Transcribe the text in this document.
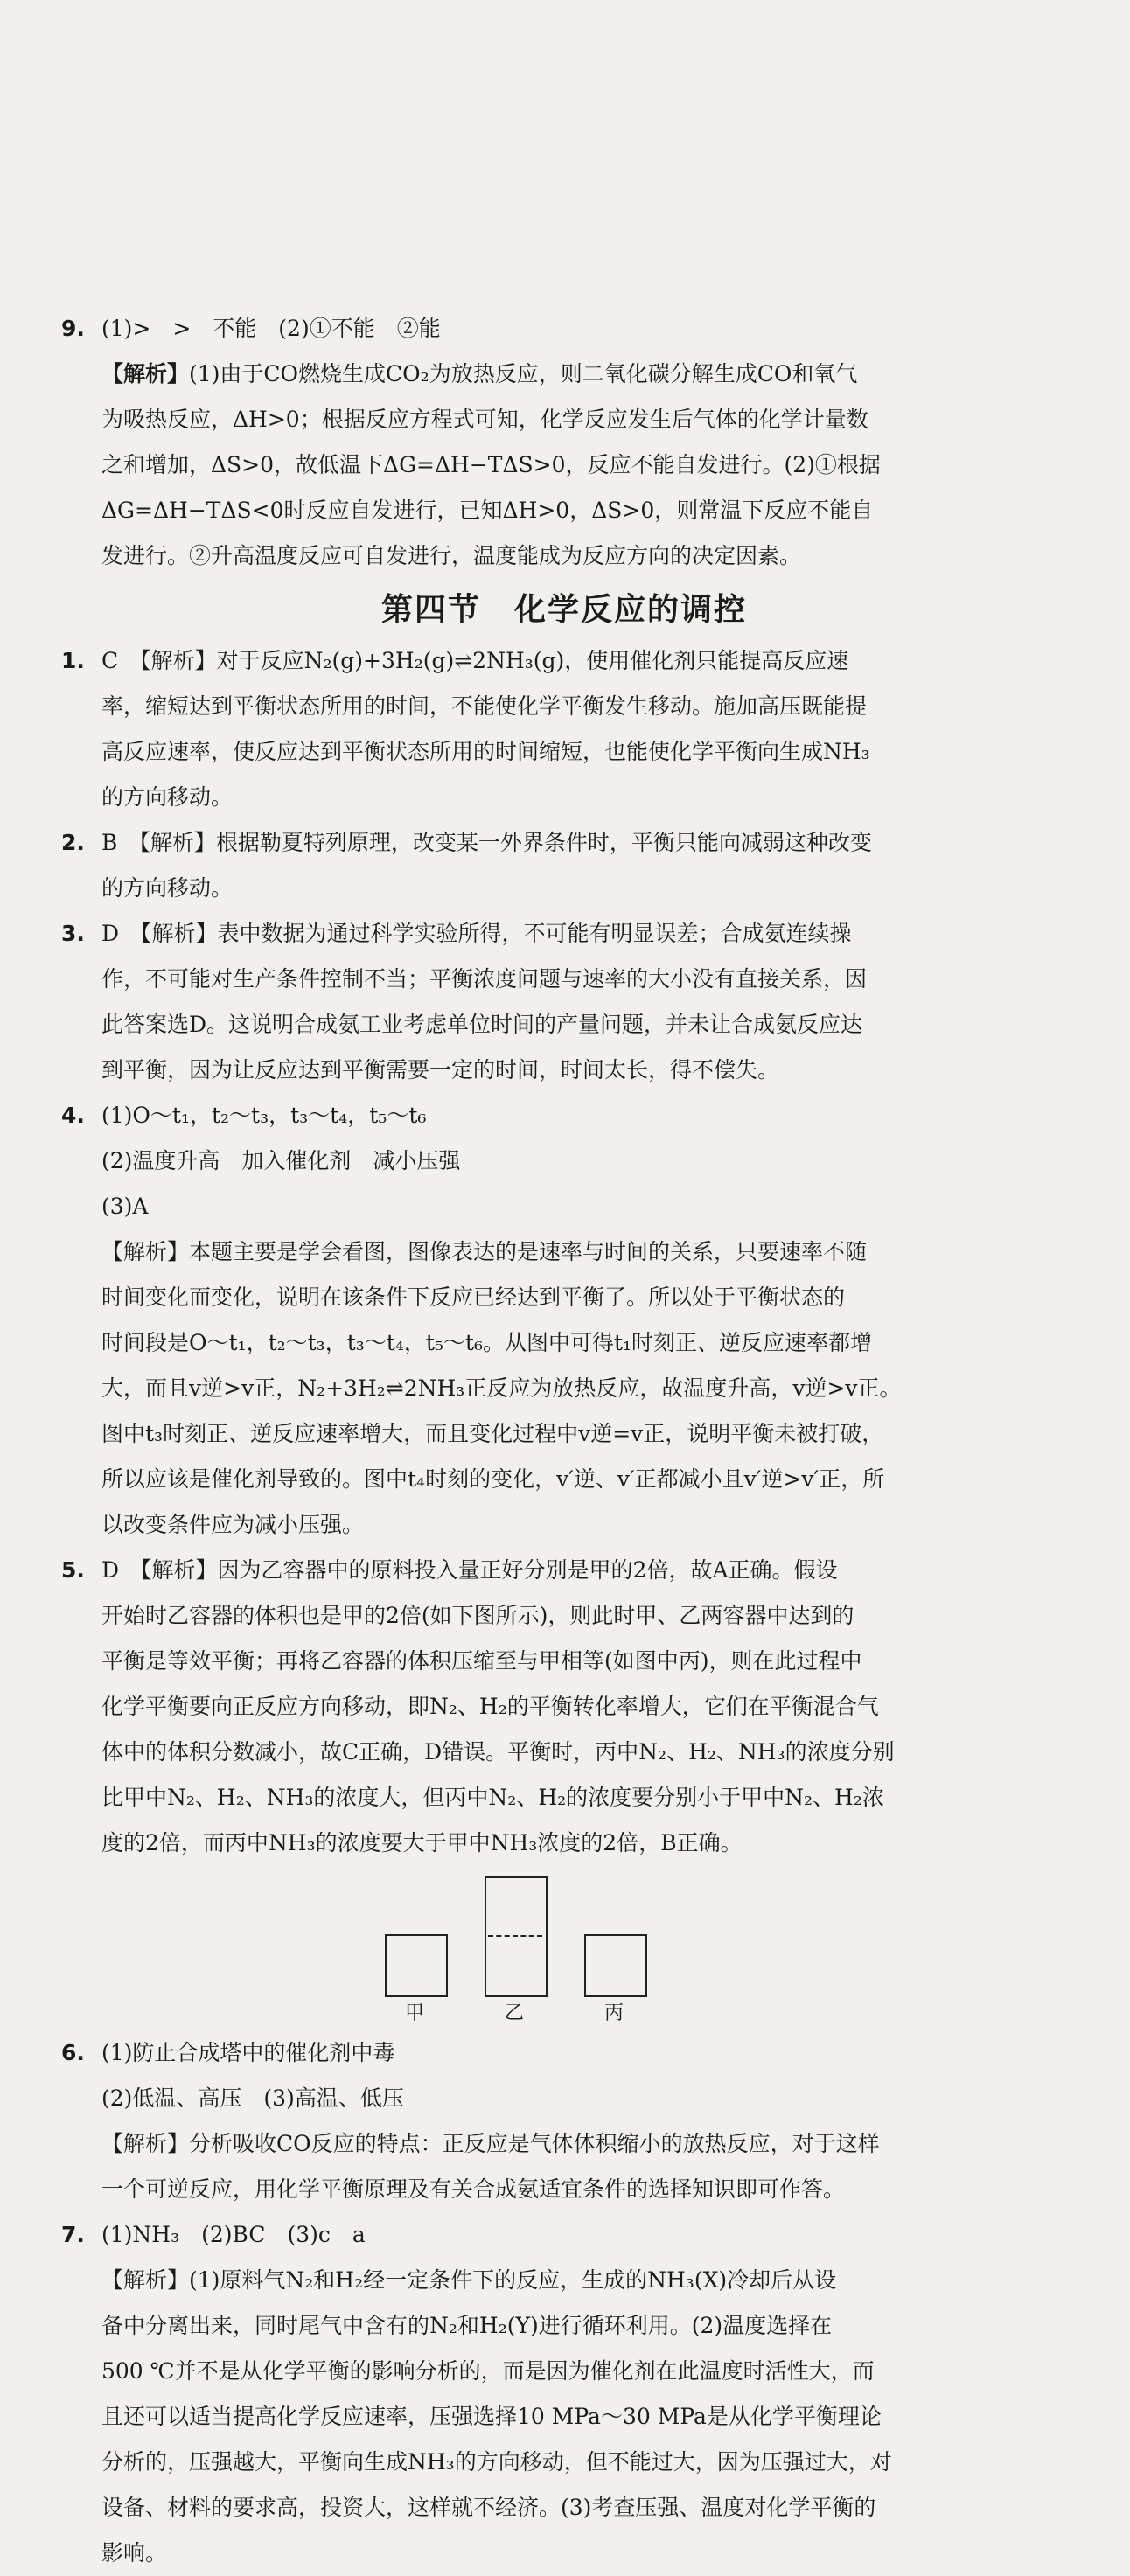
9. (1)>　>　不能　(2)①不能　②能
【解析】(1)由于CO燃烧生成CO₂为放热反应，则二氧化碳分解生成CO和氧气
为吸热反应，ΔH>0；根据反应方程式可知，化学反应发生后气体的化学计量数
之和增加，ΔS>0，故低温下ΔG=ΔH−TΔS>0，反应不能自发进行。(2)①根据
ΔG=ΔH−TΔS<0时反应自发进行，已知ΔH>0，ΔS>0，则常温下反应不能自
发进行。②升高温度反应可自发进行，温度能成为反应方向的决定因素。
第四节　化学反应的调控
1. C　【解析】对于反应N₂(g)+3H₂(g)⇌2NH₃(g)，使用催化剂只能提高反应速
率，缩短达到平衡状态所用的时间，不能使化学平衡发生移动。施加高压既能提
高反应速率，使反应达到平衡状态所用的时间缩短，也能使化学平衡向生成NH₃
的方向移动。
2. B　【解析】根据勒夏特列原理，改变某一外界条件时，平衡只能向减弱这种改变
的方向移动。
3. D　【解析】表中数据为通过科学实验所得，不可能有明显误差；合成氨连续操
作，不可能对生产条件控制不当；平衡浓度问题与速率的大小没有直接关系，因
此答案选D。这说明合成氨工业考虑单位时间的产量问题，并未让合成氨反应达
到平衡，因为让反应达到平衡需要一定的时间，时间太长，得不偿失。
4. (1)O～t₁，t₂～t₃，t₃～t₄，t₅～t₆
(2)温度升高　加入催化剂　减小压强
(3)A
【解析】本题主要是学会看图，图像表达的是速率与时间的关系，只要速率不随
时间变化而变化，说明在该条件下反应已经达到平衡了。所以处于平衡状态的
时间段是O～t₁，t₂～t₃，t₃～t₄，t₅～t₆。从图中可得t₁时刻正、逆反应速率都增
大，而且v逆>v正，N₂+3H₂⇌2NH₃正反应为放热反应，故温度升高，v逆>v正。
图中t₃时刻正、逆反应速率增大，而且变化过程中v逆=v正，说明平衡未被打破，
所以应该是催化剂导致的。图中t₄时刻的变化，v′逆、v′正都减小且v′逆>v′正，所
以改变条件应为减小压强。
5. D　【解析】因为乙容器中的原料投入量正好分别是甲的2倍，故A正确。假设
开始时乙容器的体积也是甲的2倍(如下图所示)，则此时甲、乙两容器中达到的
平衡是等效平衡；再将乙容器的体积压缩至与甲相等(如图中丙)，则在此过程中
化学平衡要向正反应方向移动，即N₂、H₂的平衡转化率增大，它们在平衡混合气
体中的体积分数减小，故C正确，D错误。平衡时，丙中N₂、H₂、NH₃的浓度分别
比甲中N₂、H₂、NH₃的浓度大，但丙中N₂、H₂的浓度要分别小于甲中N₂、H₂浓
度的2倍，而丙中NH₃的浓度要大于甲中NH₃浓度的2倍，B正确。
甲	乙	丙
6. (1)防止合成塔中的催化剂中毒
(2)低温、高压　(3)高温、低压
【解析】分析吸收CO反应的特点：正反应是气体体积缩小的放热反应，对于这样
一个可逆反应，用化学平衡原理及有关合成氨适宜条件的选择知识即可作答。
7. (1)NH₃　(2)BC　(3)c　a
【解析】(1)原料气N₂和H₂经一定条件下的反应，生成的NH₃(X)冷却后从设
备中分离出来，同时尾气中含有的N₂和H₂(Y)进行循环利用。(2)温度选择在
500 ℃并不是从化学平衡的影响分析的，而是因为催化剂在此温度时活性大，而
且还可以适当提高化学反应速率，压强选择10 MPa～30 MPa是从化学平衡理论
分析的，压强越大，平衡向生成NH₃的方向移动，但不能过大，因为压强过大，对
设备、材料的要求高，投资大，这样就不经济。(3)考查压强、温度对化学平衡的
影响。
